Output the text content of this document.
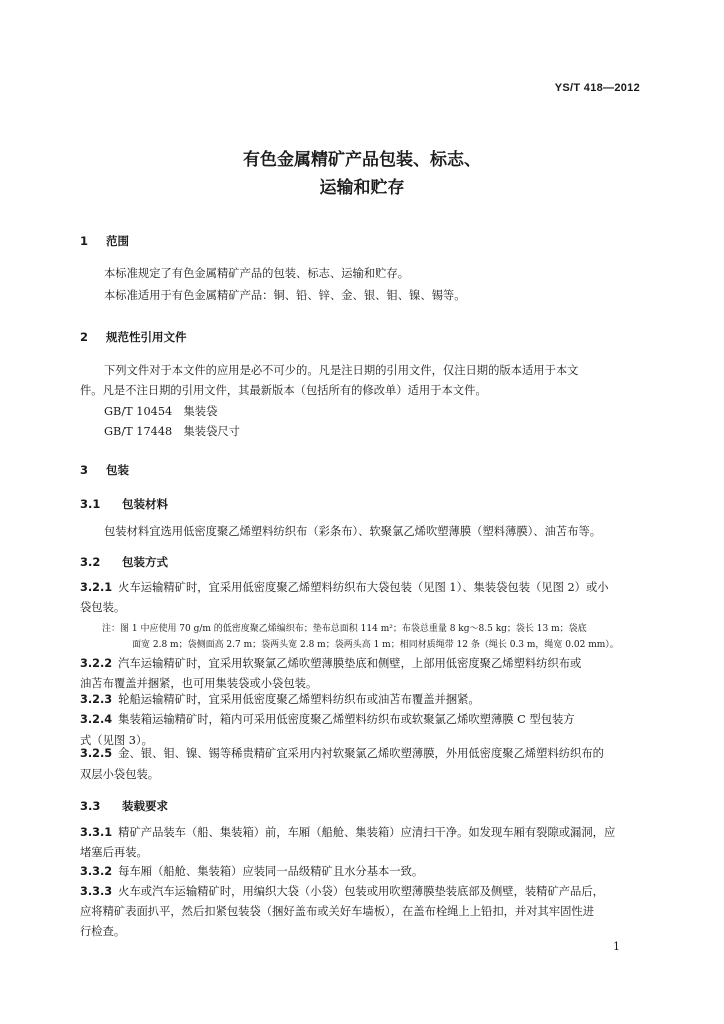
YS/T 418—2012
有色金属精矿产品包装、标志、
运输和贮存
1 范围
本标准规定了有色金属精矿产品的包装、标志、运输和贮存。
本标准适用于有色金属精矿产品：铜、铅、锌、金、银、钼、镍、锡等。
2 规范性引用文件
下列文件对于本文件的应用是必不可少的。凡是注日期的引用文件，仅注日期的版本适用于本文
件。凡是不注日期的引用文件，其最新版本（包括所有的修改单）适用于本文件。
GB/T 10454　集装袋
GB/T 17448　集装袋尺寸
3 包装
3.1 包装材料
包装材料宜选用低密度聚乙烯塑料纺织布（彩条布）、软聚氯乙烯吹塑薄膜（塑料薄膜）、油苫布等。
3.2 包装方式
3.2.1 火车运输精矿时，宜采用低密度聚乙烯塑料纺织布大袋包装（见图 1）、集装袋包装（见图 2）或小
袋包装。
注：图 1 中应使用 70 g/m 的低密度聚乙烯编织布；垫布总面积 114 m²；布袋总重量 8 kg～8.5 kg；袋长 13 m；袋底
面宽 2.8 m；袋侧面高 2.7 m；袋两头宽 2.8 m；袋两头高 1 m；相同材质绳带 12 条（绳长 0.3 m，绳宽 0.02 mm）。
3.2.2 汽车运输精矿时，宜采用软聚氯乙烯吹塑薄膜垫底和侧壁，上部用低密度聚乙烯塑料纺织布或
油苫布覆盖并捆紧，也可用集装袋或小袋包装。
3.2.3 轮船运输精矿时，宜采用低密度聚乙烯塑料纺织布或油苫布覆盖并捆紧。
3.2.4 集装箱运输精矿时，箱内可采用低密度聚乙烯塑料纺织布或软聚氯乙烯吹塑薄膜 C 型包装方
式（见图 3）。
3.2.5 金、银、钼、镍、锡等稀贵精矿宜采用内衬软聚氯乙烯吹塑薄膜，外用低密度聚乙烯塑料纺织布的
双层小袋包装。
3.3 装载要求
3.3.1 精矿产品装车（船、集装箱）前，车厢（船舱、集装箱）应清扫干净。如发现车厢有裂隙或漏洞，应
堵塞后再装。
3.3.2 每车厢（船舱、集装箱）应装同一品级精矿且水分基本一致。
3.3.3 火车或汽车运输精矿时，用编织大袋（小袋）包装或用吹塑薄膜垫装底部及侧壁，装精矿产品后，
应将精矿表面扒平，然后扣紧包装袋（捆好盖布或关好车墙板），在盖布栓绳上上铅扣，并对其牢固性进
行检查。
1
